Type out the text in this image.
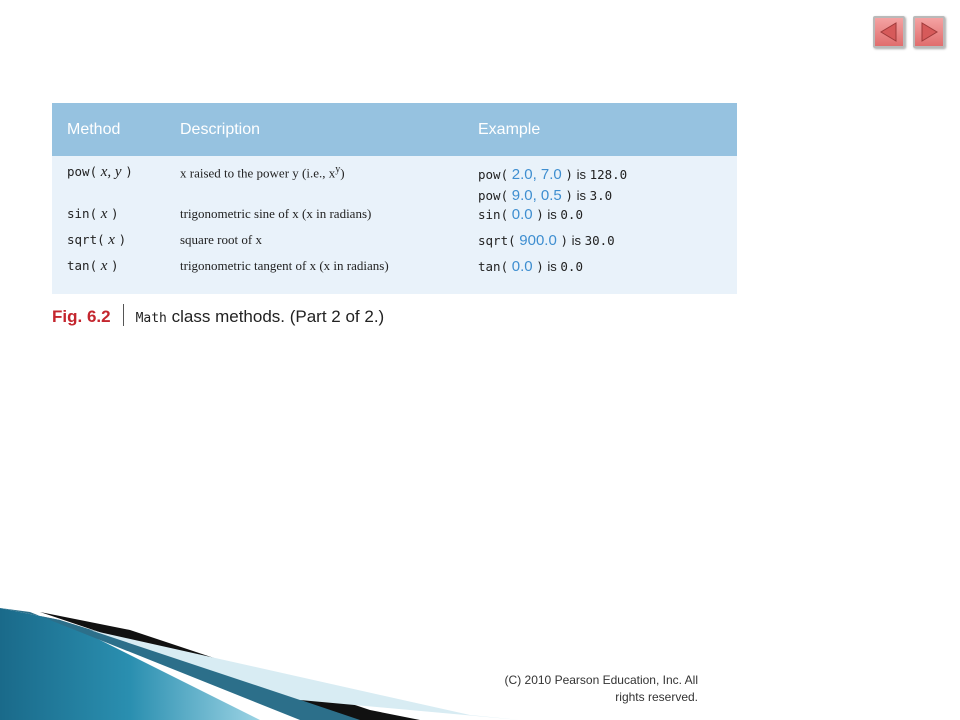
Method	Description	Example
pow( x, y )	x raised to the power y (i.e., $x^y$)	pow( 2.0, 7.0 ) is 128.0
pow( 9.0, 0.5 ) is 3.0

sin( x )	trigonometric sine of x (x in radians)	sin( 0.0 ) is 0.0
sqrt( x )	square root of x	sqrt( 900.0 ) is 30.0
tan( x )	trigonometric tangent of x (x in radians)	tan( 0.0 ) is 0.0
Fig. 6.2 Math class methods. (Part 2 of 2.)
(C) 2010 Pearson Education, Inc. All
rights reserved.
